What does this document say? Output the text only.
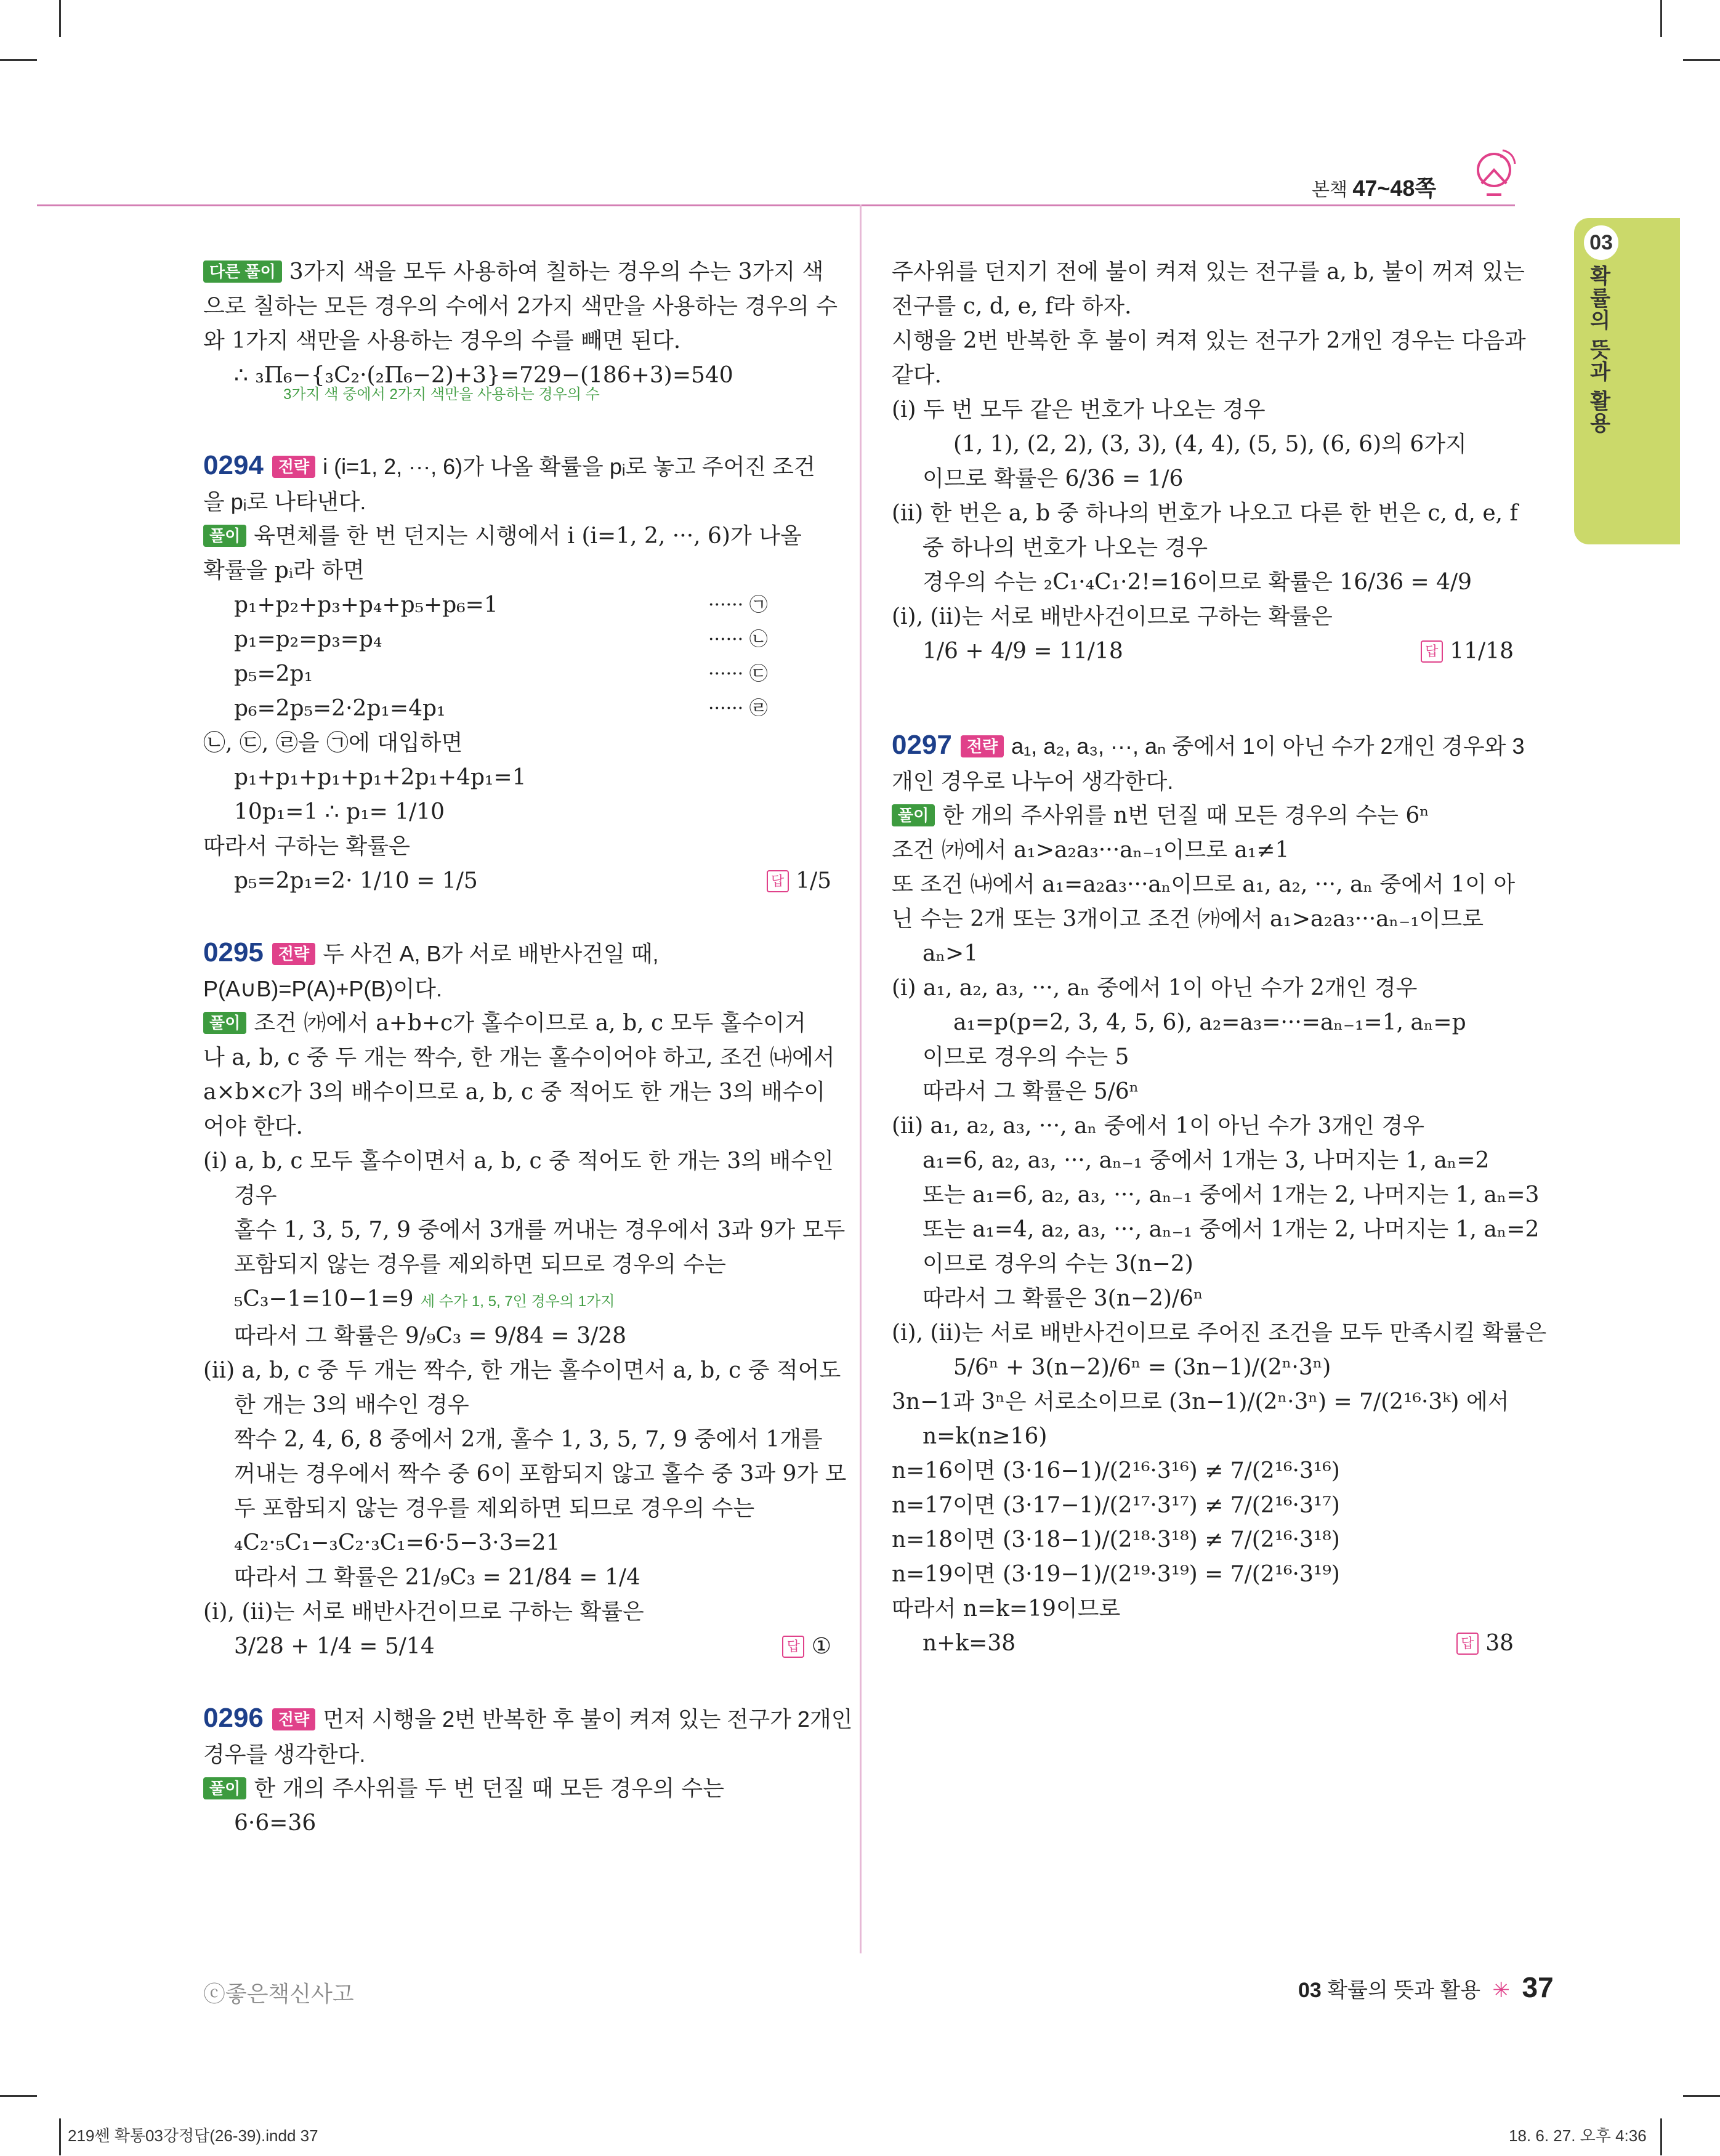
본책 47~48쪽
03
확률의 뜻과 활용

다른 풀이 3가지 색을 모두 사용하여 칠하는 경우의 수는 3가지 색

으로 칠하는 모든 경우의 수에서 2가지 색만을 사용하는 경우의 수

와 1가지 색만을 사용하는 경우의 수를 빼면 된다.

∴ ₃Π₆−{₃C₂·(₂Π₆−2)+3}=729−(186+3)=540

3가지 색 중에서 2가지 색만을 사용하는 경우의 수

0294 전략 i (i=1, 2, ···, 6)가 나올 확률을 pᵢ로 놓고 주어진 조건

을 pᵢ로 나타낸다.

풀이 육면체를 한 번 던지는 시행에서 i (i=1, 2, ···, 6)가 나올

확률을 pᵢ라 하면

p₁+p₂+p₃+p₄+p₅+p₆=1	······ ㉠

p₁=p₂=p₃=p₄	······ ㉡

p₅=2p₁	······ ㉢

p₆=2p₅=2·2p₁=4p₁	······ ㉣

㉡, ㉢, ㉣을 ㉠에 대입하면

p₁+p₁+p₁+p₁+2p₁+4p₁=1

10p₁=1 ∴ p₁= 1/10

따라서 구하는 확률은

p₅=2p₁=2· 1/10 = 1/5	답 1/5

0295 전략 두 사건 A, B가 서로 배반사건일 때,

P(A∪B)=P(A)+P(B)이다.

풀이 조건 ㈎에서 a+b+c가 홀수이므로 a, b, c 모두 홀수이거

나 a, b, c 중 두 개는 짝수, 한 개는 홀수이어야 하고, 조건 ㈏에서

a×b×c가 3의 배수이므로 a, b, c 중 적어도 한 개는 3의 배수이

어야 한다.

(ⅰ) a, b, c 모두 홀수이면서 a, b, c 중 적어도 한 개는 3의 배수인

경우

홀수 1, 3, 5, 7, 9 중에서 3개를 꺼내는 경우에서 3과 9가 모두

포함되지 않는 경우를 제외하면 되므로 경우의 수는

₅C₃−1=10−1=9 세 수가 1, 5, 7인 경우의 1가지

따라서 그 확률은 9/₉C₃ = 9/84 = 3/28

(ⅱ) a, b, c 중 두 개는 짝수, 한 개는 홀수이면서 a, b, c 중 적어도

한 개는 3의 배수인 경우

짝수 2, 4, 6, 8 중에서 2개, 홀수 1, 3, 5, 7, 9 중에서 1개를

꺼내는 경우에서 짝수 중 6이 포함되지 않고 홀수 중 3과 9가 모

두 포함되지 않는 경우를 제외하면 되므로 경우의 수는

₄C₂·₅C₁−₃C₂·₃C₁=6·5−3·3=21

따라서 그 확률은 21/₉C₃ = 21/84 = 1/4

(ⅰ), (ⅱ)는 서로 배반사건이므로 구하는 확률은

3/28 + 1/4 = 5/14	답 ①

0296 전략 먼저 시행을 2번 반복한 후 불이 켜져 있는 전구가 2개인

경우를 생각한다.

풀이 한 개의 주사위를 두 번 던질 때 모든 경우의 수는

6·6=36

주사위를 던지기 전에 불이 켜져 있는 전구를 a, b, 불이 꺼져 있는

전구를 c, d, e, f라 하자.

시행을 2번 반복한 후 불이 켜져 있는 전구가 2개인 경우는 다음과

같다.

(ⅰ) 두 번 모두 같은 번호가 나오는 경우

(1, 1), (2, 2), (3, 3), (4, 4), (5, 5), (6, 6)의 6가지

이므로 확률은 6/36 = 1/6

(ⅱ) 한 번은 a, b 중 하나의 번호가 나오고 다른 한 번은 c, d, e, f

중 하나의 번호가 나오는 경우

경우의 수는 ₂C₁·₄C₁·2!=16이므로 확률은 16/36 = 4/9

(ⅰ), (ⅱ)는 서로 배반사건이므로 구하는 확률은

1/6 + 4/9 = 11/18	답 11/18

0297 전략 a₁, a₂, a₃, ···, aₙ 중에서 1이 아닌 수가 2개인 경우와 3

개인 경우로 나누어 생각한다.

풀이 한 개의 주사위를 n번 던질 때 모든 경우의 수는 6ⁿ

조건 ㈎에서 a₁>a₂a₃···aₙ₋₁이므로 a₁≠1

또 조건 ㈏에서 a₁=a₂a₃···aₙ이므로 a₁, a₂, ···, aₙ 중에서 1이 아

닌 수는 2개 또는 3개이고 조건 ㈎에서 a₁>a₂a₃···aₙ₋₁이므로

aₙ>1

(ⅰ) a₁, a₂, a₃, ···, aₙ 중에서 1이 아닌 수가 2개인 경우

a₁=p(p=2, 3, 4, 5, 6), a₂=a₃=···=aₙ₋₁=1, aₙ=p

이므로 경우의 수는 5

따라서 그 확률은 5/6ⁿ

(ⅱ) a₁, a₂, a₃, ···, aₙ 중에서 1이 아닌 수가 3개인 경우

a₁=6, a₂, a₃, ···, aₙ₋₁ 중에서 1개는 3, 나머지는 1, aₙ=2

또는 a₁=6, a₂, a₃, ···, aₙ₋₁ 중에서 1개는 2, 나머지는 1, aₙ=3

또는 a₁=4, a₂, a₃, ···, aₙ₋₁ 중에서 1개는 2, 나머지는 1, aₙ=2

이므로 경우의 수는 3(n−2)

따라서 그 확률은 3(n−2)/6ⁿ

(ⅰ), (ⅱ)는 서로 배반사건이므로 주어진 조건을 모두 만족시킬 확률은

5/6ⁿ + 3(n−2)/6ⁿ = (3n−1)/(2ⁿ·3ⁿ)

3n−1과 3ⁿ은 서로소이므로 (3n−1)/(2ⁿ·3ⁿ) = 7/(2¹⁶·3ᵏ) 에서

n=k(n≥16)

n=16이면 (3·16−1)/(2¹⁶·3¹⁶) ≠ 7/(2¹⁶·3¹⁶)

n=17이면 (3·17−1)/(2¹⁷·3¹⁷) ≠ 7/(2¹⁶·3¹⁷)

n=18이면 (3·18−1)/(2¹⁸·3¹⁸) ≠ 7/(2¹⁶·3¹⁸)

n=19이면 (3·19−1)/(2¹⁹·3¹⁹) = 7/(2¹⁶·3¹⁹)

따라서 n=k=19이므로

n+k=38	답 38

ⓒ좋은책신사고	03 확률의 뜻과 활용 ✳ 37
219쎈 확통03강정답(26-39).indd 37	18. 6. 27. 오후 4:36
